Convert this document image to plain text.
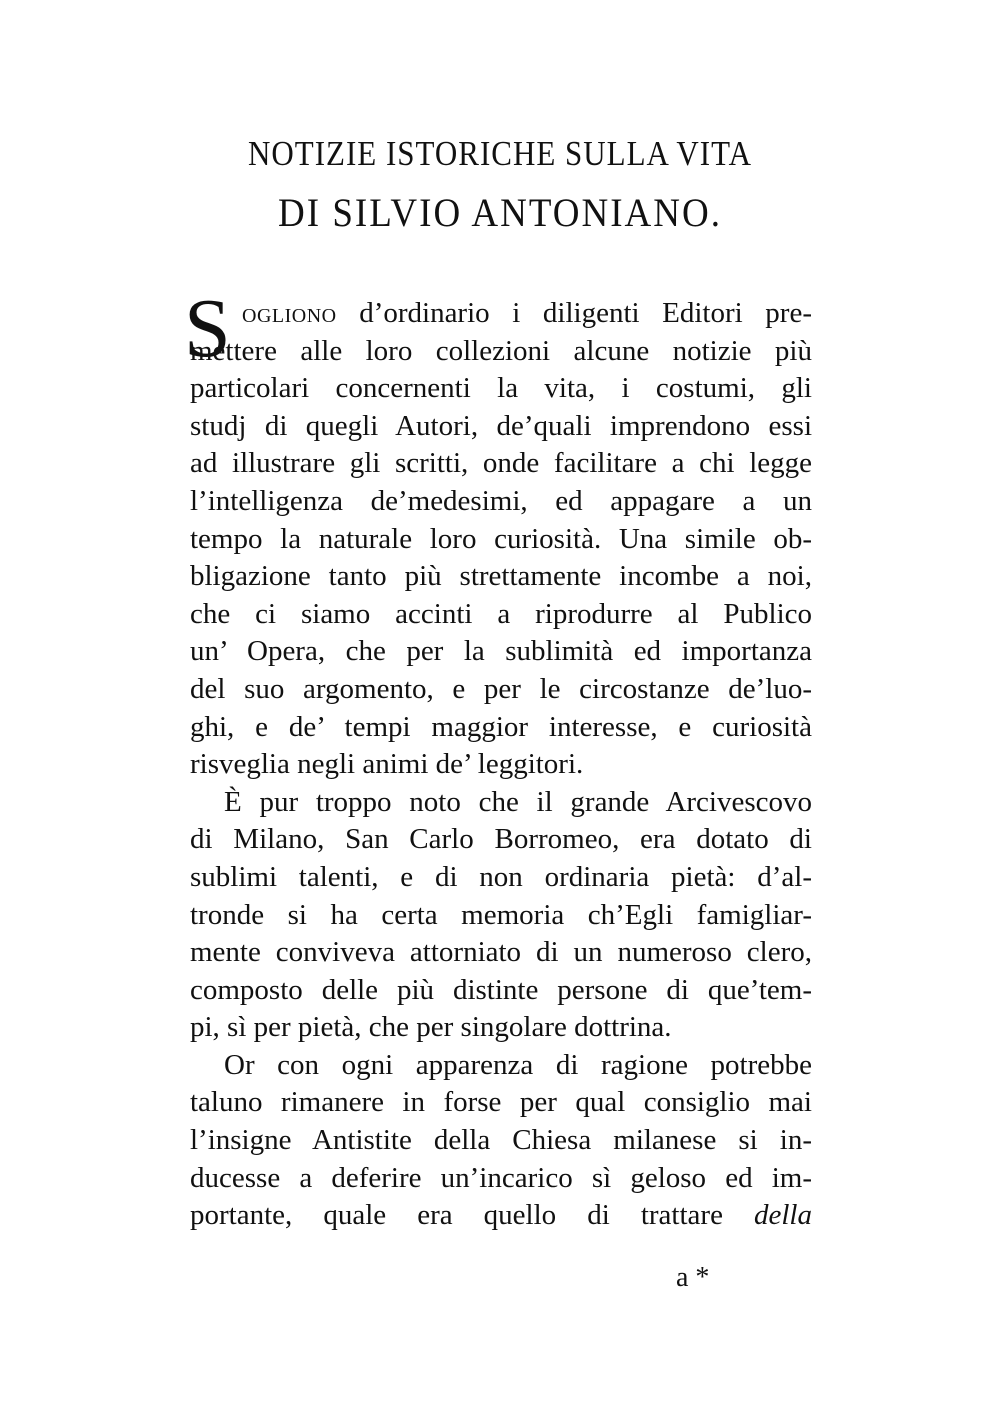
NOTIZIE ISTORICHE SULLA VITA
DI SILVIO ANTONIANO.
S ogliono d’ordinario i diligenti Editori pre-
mettere alle loro collezioni alcune notizie più
particolari concernenti la vita, i costumi, gli
studj di quegli Autori, de’quali imprendono essi
ad illustrare gli scritti, onde facilitare a chi legge
l’intelligenza de’medesimi, ed appagare a un
tempo la naturale loro curiosità. Una simile ob-
bligazione tanto più strettamente incombe a noi,
che ci siamo accinti a riprodurre al Publico
un’ Opera, che per la sublimità ed importanza
del suo argomento, e per le circostanze de’luo-
ghi, e de’ tempi maggior interesse, e curiosità
risveglia negli animi de’ leggitori.
È pur troppo noto che il grande Arcivescovo
di Milano, San Carlo Borromeo, era dotato di
sublimi talenti, e di non ordinaria pietà: d’al-
tronde si ha certa memoria ch’Egli famigliar-
mente conviveva attorniato di un numeroso clero,
composto delle più distinte persone di que’tem-
pi, sì per pietà, che per singolare dottrina.
Or con ogni apparenza di ragione potrebbe
taluno rimanere in forse per qual consiglio mai
l’insigne Antistite della Chiesa milanese si in-
ducesse a deferire un’incarico sì geloso ed im-
portante, quale era quello di trattare della
a *
